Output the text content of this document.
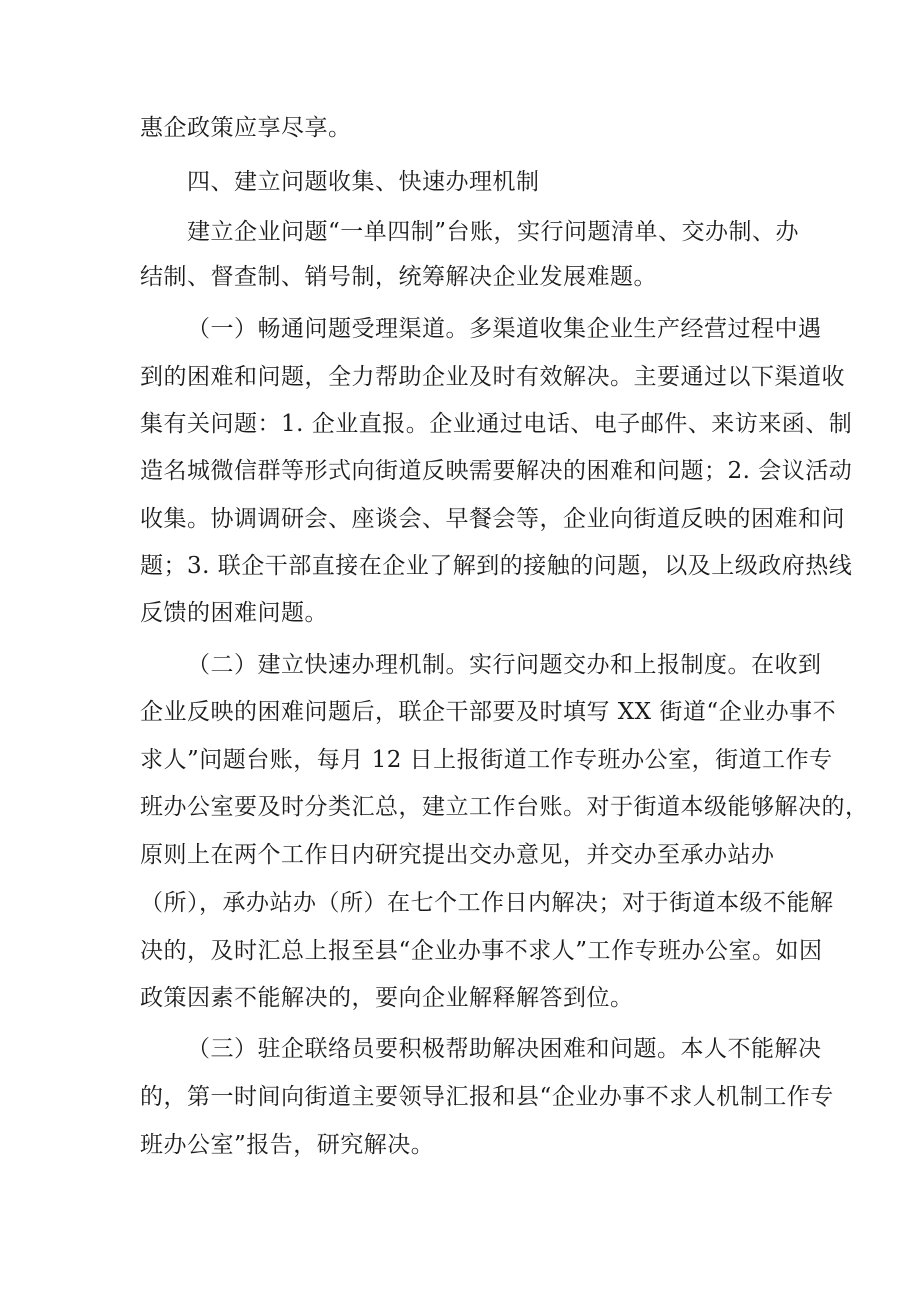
惠企政策应享尽享。
四、建立问题收集、快速办理机制
建立企业问题“一单四制”台账，实行问题清单、交办制、办
结制、督查制、销号制，统筹解决企业发展难题。
（一）畅通问题受理渠道。多渠道收集企业生产经营过程中遇
到的困难和问题，全力帮助企业及时有效解决。主要通过以下渠道收
集有关问题：1. 企业直报。企业通过电话、电子邮件、来访来函、制
造名城微信群等形式向街道反映需要解决的困难和问题；2. 会议活动
收集。协调调研会、座谈会、早餐会等，企业向街道反映的困难和问
题；3. 联企干部直接在企业了解到的接触的问题，以及上级政府热线
反馈的困难问题。
（二）建立快速办理机制。实行问题交办和上报制度。在收到
企业反映的困难问题后，联企干部要及时填写 XX 街道“企业办事不
求人”问题台账，每月 12 日上报街道工作专班办公室，街道工作专
班办公室要及时分类汇总，建立工作台账。对于街道本级能够解决的，
原则上在两个工作日内研究提出交办意见，并交办至承办站办
（所），承办站办（所）在七个工作日内解决；对于街道本级不能解
决的，及时汇总上报至县“企业办事不求人”工作专班办公室。如因
政策因素不能解决的，要向企业解释解答到位。
（三）驻企联络员要积极帮助解决困难和问题。本人不能解决
的，第一时间向街道主要领导汇报和县“企业办事不求人机制工作专
班办公室”报告，研究解决。
